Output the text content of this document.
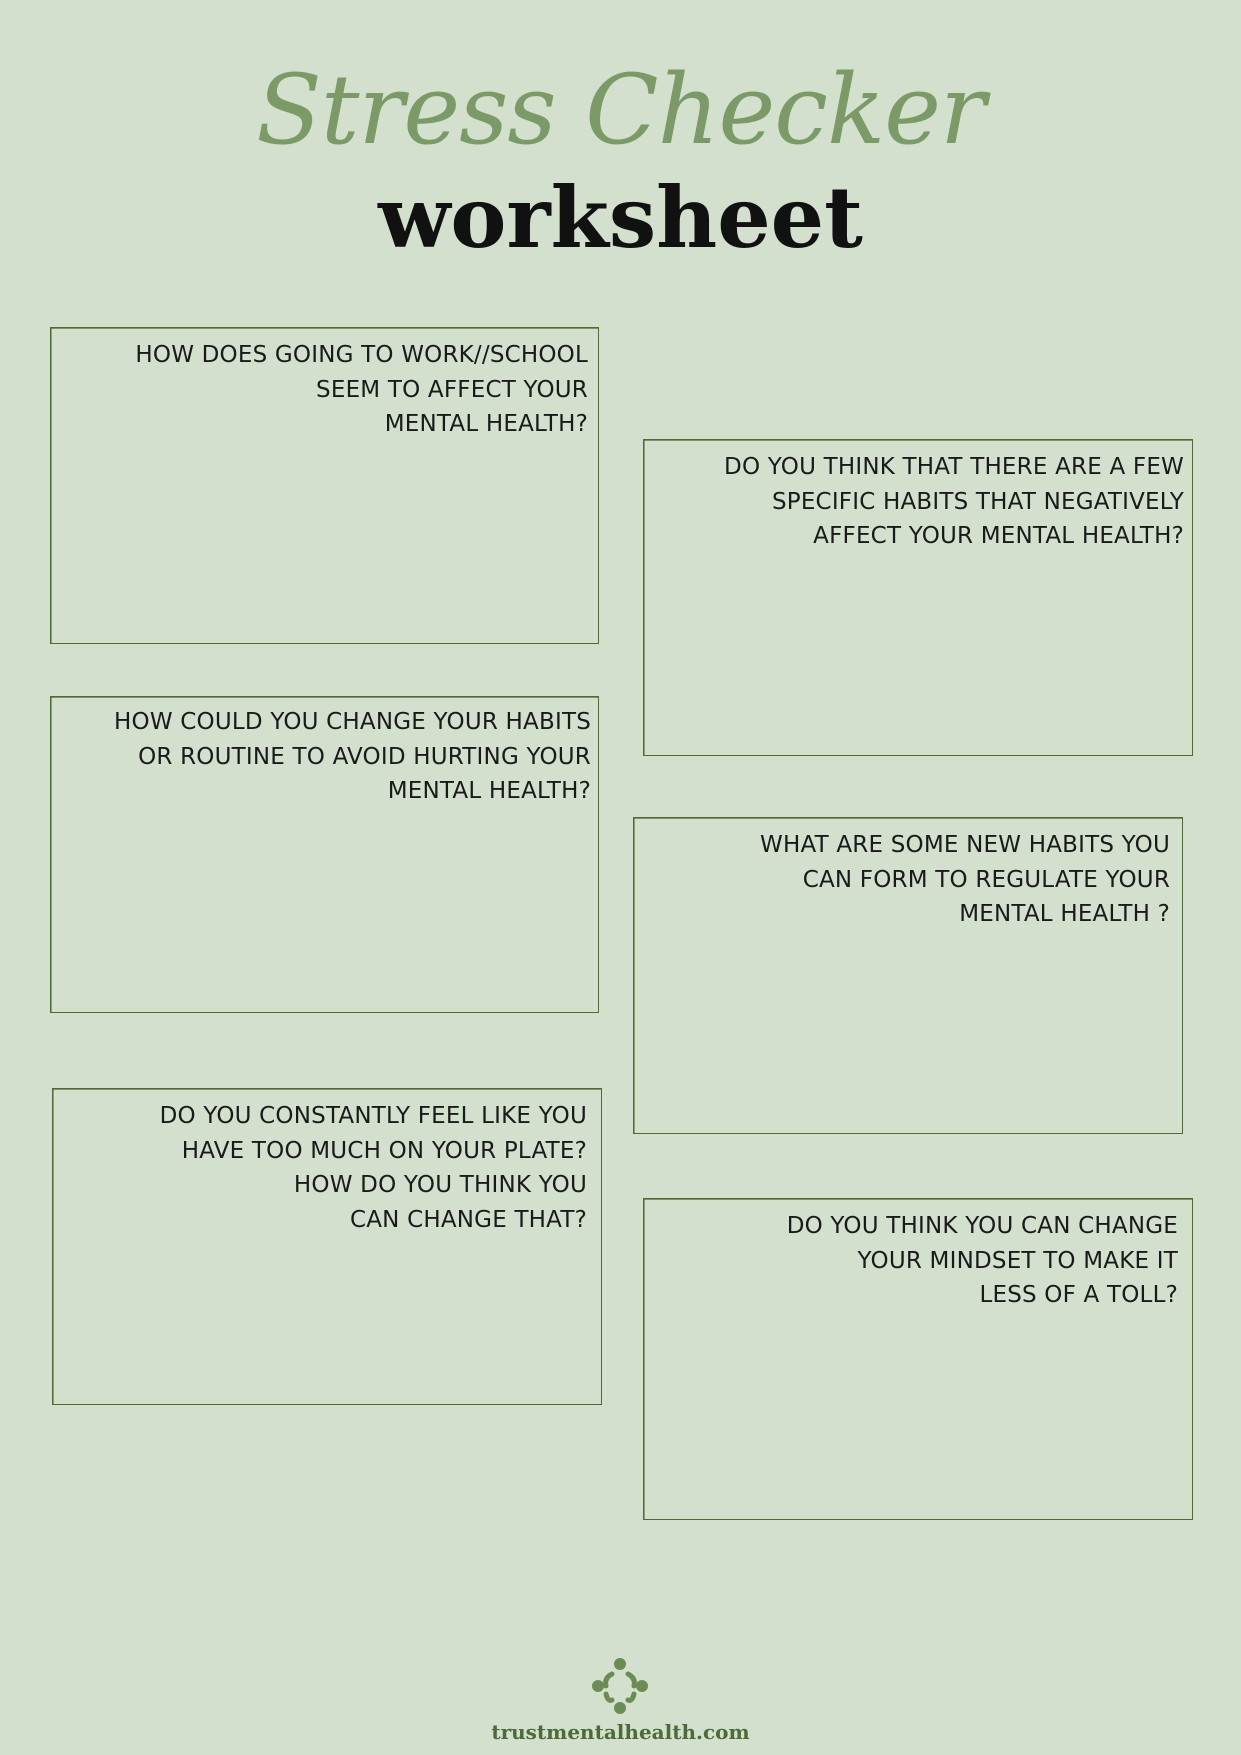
Stress Checker
worksheet

HOW DOES GOING TO WORK//SCHOOL
SEEM TO AFFECT YOUR
MENTAL HEALTH?

DO YOU THINK THAT THERE ARE A FEW
SPECIFIC HABITS THAT NEGATIVELY
AFFECT YOUR MENTAL HEALTH?

HOW COULD YOU CHANGE YOUR HABITS
OR ROUTINE TO AVOID HURTING YOUR
MENTAL HEALTH?

WHAT ARE SOME NEW HABITS YOU
CAN FORM TO REGULATE YOUR
MENTAL HEALTH ?

DO YOU CONSTANTLY FEEL LIKE YOU
HAVE TOO MUCH ON YOUR PLATE?
HOW DO YOU THINK YOU
CAN CHANGE THAT?	DO YOU THINK YOU CAN CHANGE
YOUR MINDSET TO MAKE IT
LESS OF A TOLL?

trustmentalhealth.com
